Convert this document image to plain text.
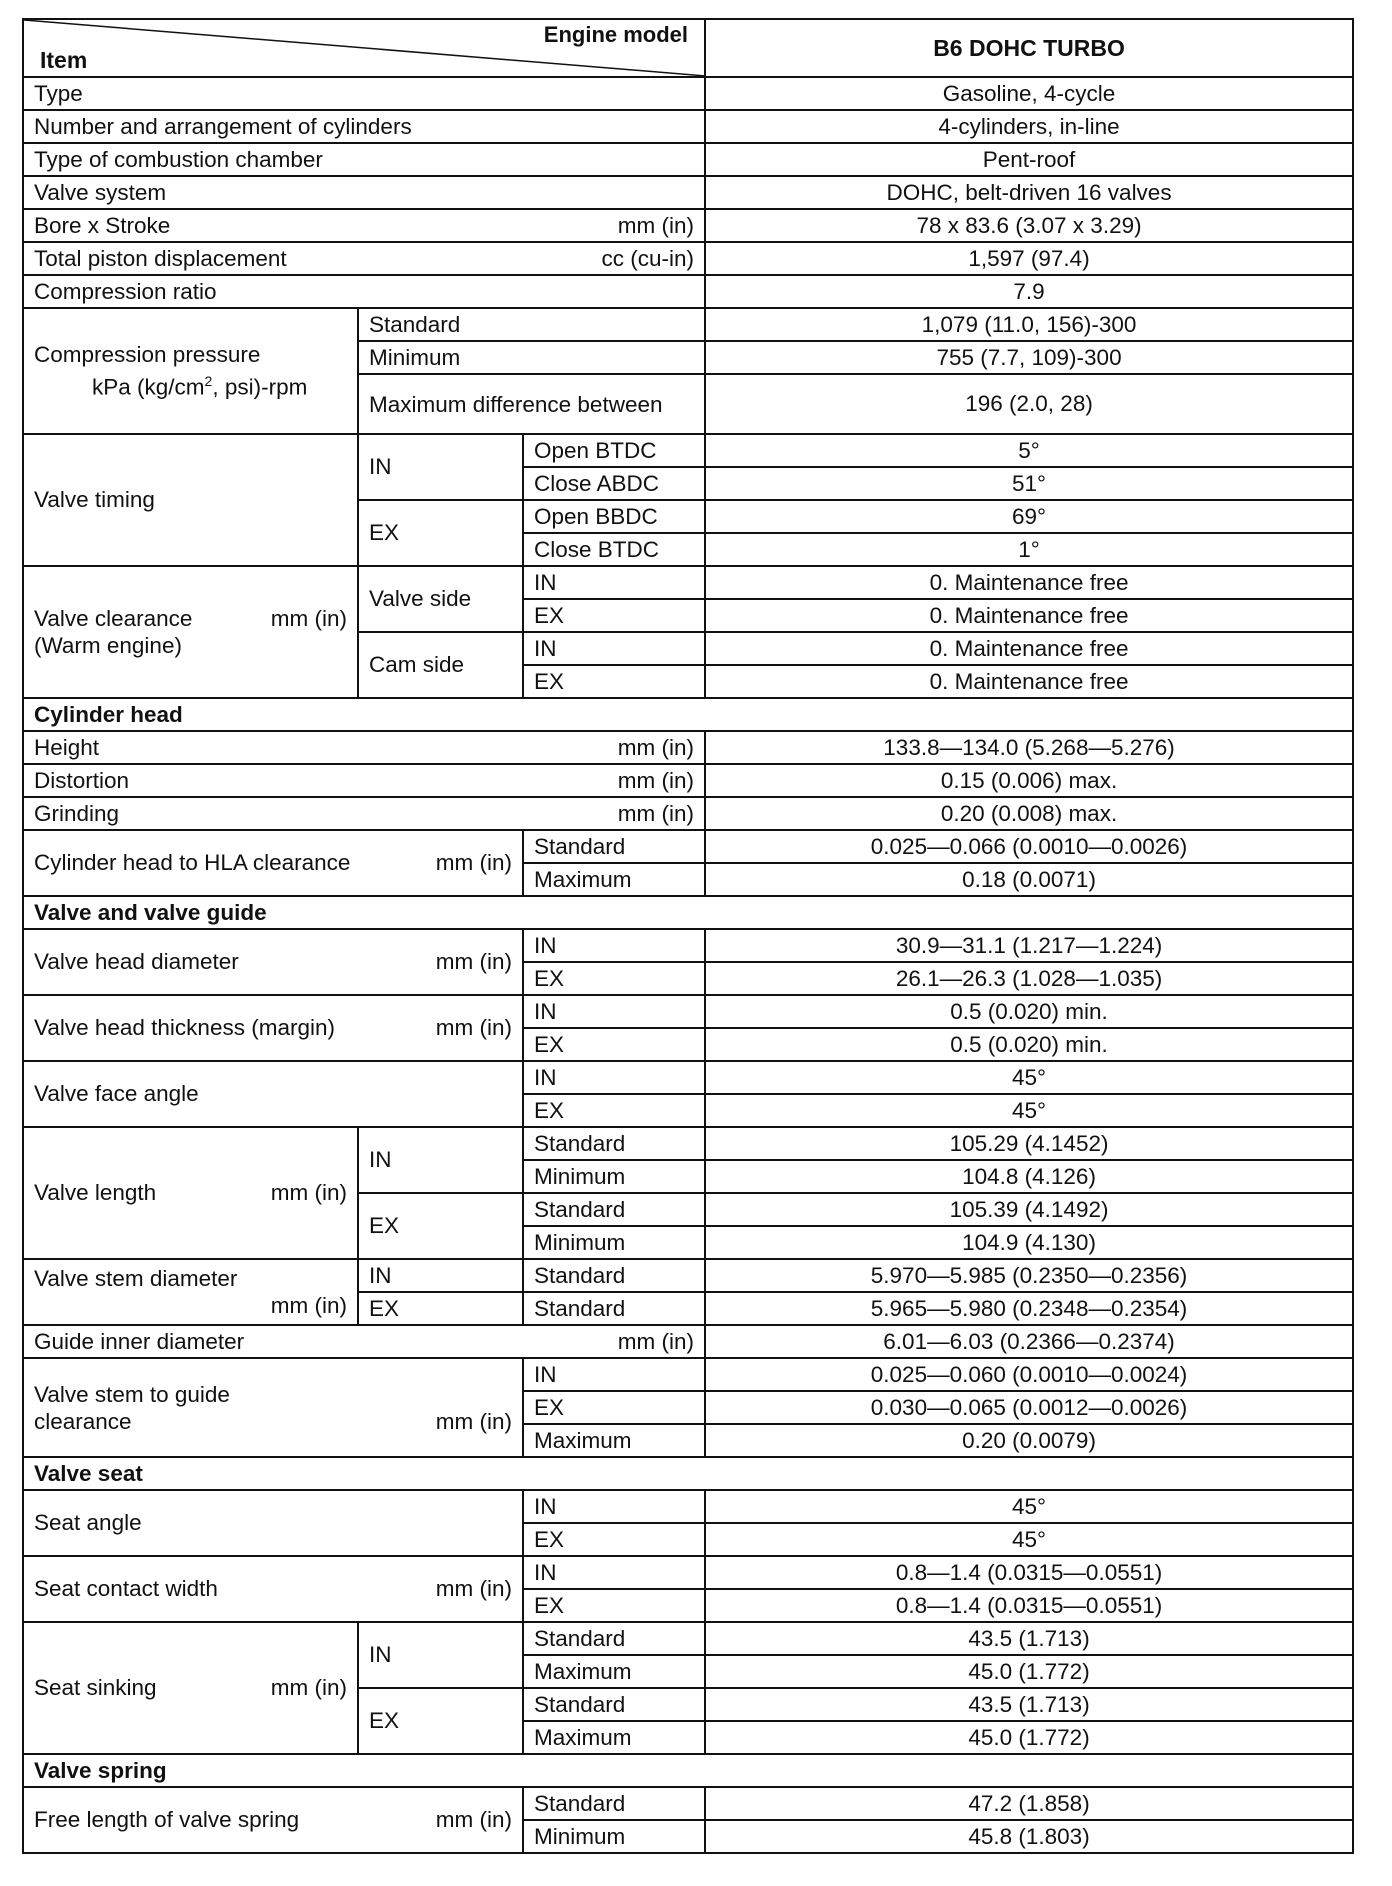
Item
Engine model			B6 DOHC TURBO

Type			Gasoline, 4-cycle

Number and arrangement of cylinders			4-cylinders, in-line

Type of combustion chamber			Pent-roof

Valve system			DOHC, belt-driven 16 valves

Bore x Stroke mm (in)			78 x 83.6 (3.07 x 3.29)

Total piston displacement cc (cu-in)			1,597 (97.4)

Compression ratio			7.9

Compression pressure
kPa ($kg/cm^2$, psi)-rpm	Standard		1,079 (11.0, 156)-300
	Minimum		755 (7.7, 109)-300
	Maximum difference between		196 (2.0, 28)
Valve timing	IN	Open BTDC	5°
		Close ABDC	51°
	EX	Open BBDC	69°
		Close BTDC	1°

Valve clearance mm (in)
(Warm engine)	Valve side	IN	0. Maintenance free
		EX	0. Maintenance free
	Cam side	IN	0. Maintenance free
		EX	0. Maintenance free
Cylinder head			

Height mm (in)			133.8—134.0 (5.268—5.276)

Distortion mm (in)			0.15 (0.006) max.

Grinding mm (in)			0.20 (0.008) max.

Cylinder head to HLA clearance mm (in)		Standard	0.025—0.066 (0.0010—0.0026)
		Maximum	0.18 (0.0071)
Valve and valve guide			

Valve head diameter mm (in)		IN	30.9—31.1 (1.217—1.224)
		EX	26.1—26.3 (1.028—1.035)

Valve head thickness (margin) mm (in)		IN	0.5 (0.020) min.
		EX	0.5 (0.020) min.
Valve face angle		IN	45°
		EX	45°

Valve length mm (in)	IN	Standard	105.29 (4.1452)
		Minimum	104.8 (4.126)
	EX	Standard	105.39 (4.1492)
		Minimum	104.9 (4.130)

Valve stem diameter
mm (in)	IN	Standard	5.970—5.985 (0.2350—0.2356)
	EX	Standard	5.965—5.980 (0.2348—0.2354)

Guide inner diameter mm (in)			6.01—6.03 (0.2366—0.2374)

Valve stem to guide
clearance mm (in)		IN	0.025—0.060 (0.0010—0.0024)
		EX	0.030—0.065 (0.0012—0.0026)
		Maximum	0.20 (0.0079)
Valve seat			
Seat angle		IN	45°
		EX	45°

Seat contact width mm (in)		IN	0.8—1.4 (0.0315—0.0551)
		EX	0.8—1.4 (0.0315—0.0551)

Seat sinking mm (in)	IN	Standard	43.5 (1.713)
		Maximum	45.0 (1.772)
	EX	Standard	43.5 (1.713)
		Maximum	45.0 (1.772)
Valve spring			

Free length of valve spring mm (in)		Standard	47.2 (1.858)
		Minimum	45.8 (1.803)
